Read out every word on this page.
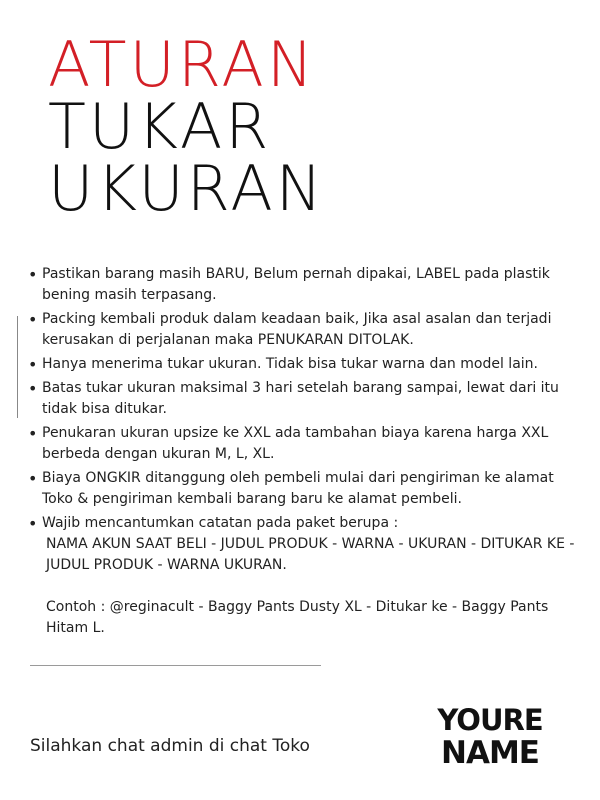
ATURAN
TUKAR
UKURAN
• Pastikan barang masih BARU, Belum pernah dipakai, LABEL pada plastik bening masih terpasang.
• Packing kembali produk dalam keadaan baik, Jika asal asalan dan terjadi kerusakan di perjalanan maka PENUKARAN DITOLAK.
• Hanya menerima tukar ukuran. Tidak bisa tukar warna dan model lain.
• Batas tukar ukuran maksimal 3 hari setelah barang sampai, lewat dari itu tidak bisa ditukar.
• Penukaran ukuran upsize ke XXL ada tambahan biaya karena harga XXL berbeda dengan ukuran M, L, XL.
• Biaya ONGKIR ditanggung oleh pembeli mulai dari pengiriman ke alamat Toko & pengiriman kembali barang baru ke alamat pembeli.
• Wajib mencantumkan catatan pada paket berupa :
NAMA AKUN SAAT BELI - JUDUL PRODUK - WARNA - UKURAN - DITUKAR KE - JUDUL PRODUK - WARNA UKURAN.
Contoh : @reginacult - Baggy Pants Dusty XL - Ditukar ke - Baggy Pants Hitam L.

Silahkan chat admin di chat Toko

YOURE
NAME
